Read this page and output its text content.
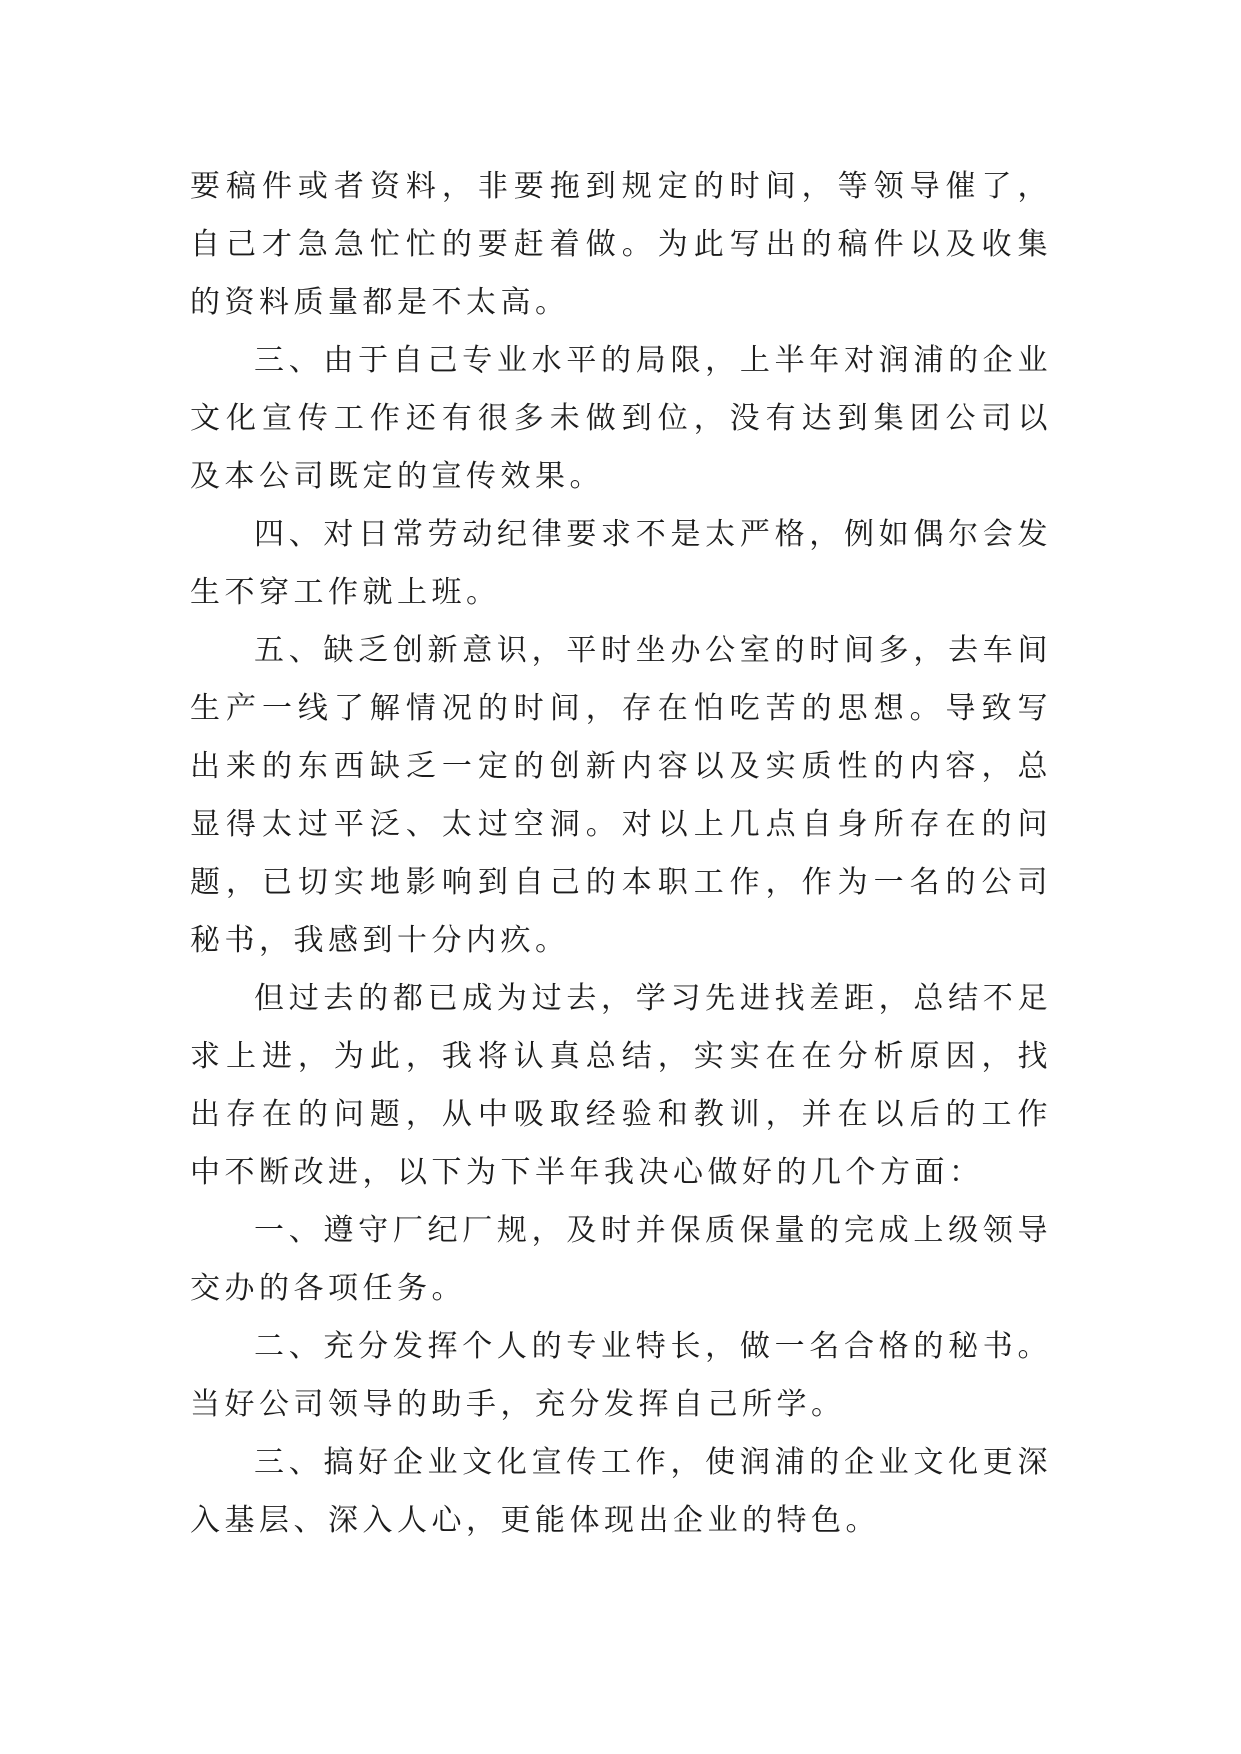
要稿件或者资料，非要拖到规定的时间，等领导催了，自己才急急忙忙的要赶着做。为此写出的稿件以及收集的资料质量都是不太高。

三、由于自己专业水平的局限，上半年对润浦的企业文化宣传工作还有很多未做到位，没有达到集团公司以及本公司既定的宣传效果。

四、对日常劳动纪律要求不是太严格，例如偶尔会发生不穿工作就上班。

五、缺乏创新意识，平时坐办公室的时间多，去车间生产一线了解情况的时间，存在怕吃苦的思想。导致写出来的东西缺乏一定的创新内容以及实质性的内容，总显得太过平泛、太过空洞。对以上几点自身所存在的问题，已切实地影响到自己的本职工作，作为一名的公司秘书，我感到十分内疚。

但过去的都已成为过去，学习先进找差距，总结不足求上进，为此，我将认真总结，实实在在分析原因，找出存在的问题，从中吸取经验和教训，并在以后的工作中不断改进，以下为下半年我决心做好的几个方面：

一、遵守厂纪厂规，及时并保质保量的完成上级领导交办的各项任务。

二、充分发挥个人的专业特长，做一名合格的秘书。当好公司领导的助手，充分发挥自己所学。

三、搞好企业文化宣传工作，使润浦的企业文化更深入基层、深入人心，更能体现出企业的特色。
